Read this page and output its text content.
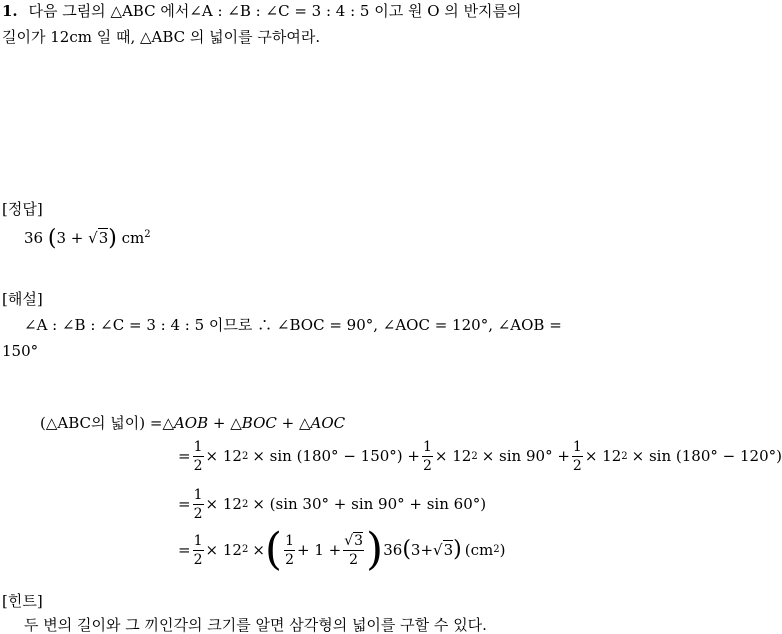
1. 다음 그림의 △ABC 에서∠A : ∠B : ∠C = 3 : 4 : 5 이고 원 O 의 반지름의
길이가 12cm 일 때, △ABC 의 넓이를 구하여라.
[정답]
36 (3 + √3) $cm^2$
[해설]
∠A : ∠B : ∠C = 3 : 4 : 5 이므로 ∴ ∠BOC = 90°, ∠AOC = 120°, ∠AOB =
150°
(△ABC의 넓이) =△AOB + △BOC + △AOC
= $\frac{1}{2} \times 12$ $2 \times \sin (180^\circ - 150^\circ) + \frac{1}{2} \times 12$ $2 \times \sin 90^\circ + \frac{1}{2} \times 12$ 2 × sin (180° − 120°)
= $\frac{1}{2} \times 12$ 2 × (sin 30° + sin 90° + sin 60°)
= $\frac{1}{2} \times 12$ 2 × ( $\frac{1}{2} + 1 + \frac{√3}{2}$ ) 36 ( 3 + √ 3 ) ( cm 2 )
[힌트]
두 변의 길이와 그 끼인각의 크기를 알면 삼각형의 넓이를 구할 수 있다.
